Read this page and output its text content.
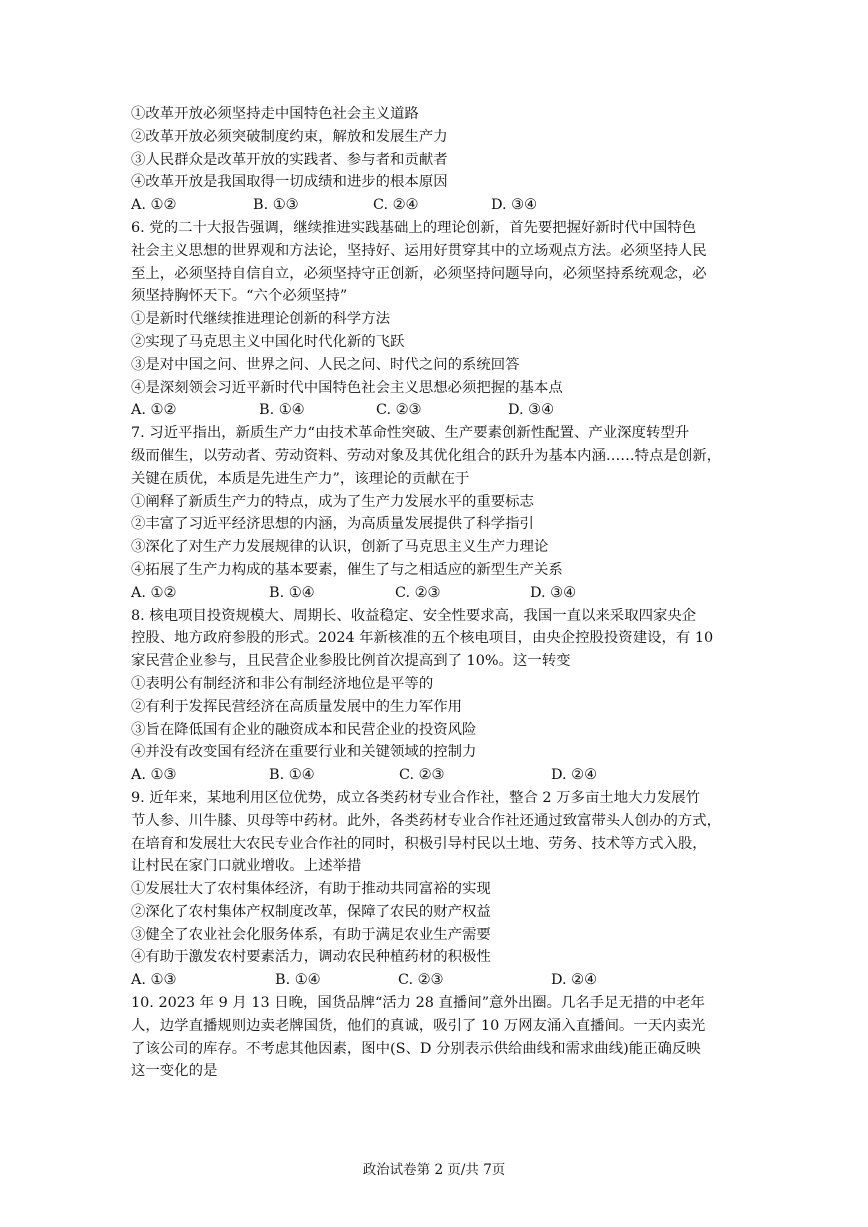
①改革开放必须坚持走中国特色社会主义道路
②改革开放必须突破制度约束，解放和发展生产力
③人民群众是改革开放的实践者、参与者和贡献者
④改革开放是我国取得一切成绩和进步的根本原因
A. ①②	B. ①③	C. ②④	D. ③④
6. 党的二十大报告强调，继续推进实践基础上的理论创新，首先要把握好新时代中国特色
社会主义思想的世界观和方法论，坚持好、运用好贯穿其中的立场观点方法。必须坚持人民
至上，必须坚持自信自立，必须坚持守正创新，必须坚持问题导向，必须坚持系统观念，必
须坚持胸怀天下。“六个必须坚持”
①是新时代继续推进理论创新的科学方法
②实现了马克思主义中国化时代化新的飞跃
③是对中国之问、世界之问、人民之问、时代之问的系统回答
④是深刻领会习近平新时代中国特色社会主义思想必须把握的基本点
A. ①②	B. ①④	C. ②③	D. ③④
7. 习近平指出，新质生产力“由技术革命性突破、生产要素创新性配置、产业深度转型升
级而催生，以劳动者、劳动资料、劳动对象及其优化组合的跃升为基本内涵……特点是创新，
关键在质优，本质是先进生产力”，该理论的贡献在于
①阐释了新质生产力的特点，成为了生产力发展水平的重要标志
②丰富了习近平经济思想的内涵，为高质量发展提供了科学指引
③深化了对生产力发展规律的认识，创新了马克思主义生产力理论
④拓展了生产力构成的基本要素，催生了与之相适应的新型生产关系
A. ①②	B. ①④	C. ②③	D. ③④
8. 核电项目投资规模大、周期长、收益稳定、安全性要求高，我国一直以来采取四家央企
控股、地方政府参股的形式。2024 年新核准的五个核电项目，由央企控股投资建设，有 10
家民营企业参与，且民营企业参股比例首次提高到了 10%。这一转变
①表明公有制经济和非公有制经济地位是平等的
②有利于发挥民营经济在高质量发展中的生力军作用
③旨在降低国有企业的融资成本和民营企业的投资风险
④并没有改变国有经济在重要行业和关键领域的控制力
A. ①③	B. ①④	C. ②③	D. ②④
9. 近年来，某地利用区位优势，成立各类药材专业合作社，整合 2 万多亩土地大力发展竹
节人参、川牛膝、贝母等中药材。此外，各类药材专业合作社还通过致富带头人创办的方式，
在培育和发展壮大农民专业合作社的同时，积极引导村民以土地、劳务、技术等方式入股，
让村民在家门口就业增收。上述举措
①发展壮大了农村集体经济，有助于推动共同富裕的实现
②深化了农村集体产权制度改革，保障了农民的财产权益
③健全了农业社会化服务体系，有助于满足农业生产需要
④有助于激发农村要素活力，调动农民种植药材的积极性
A. ①③	B. ①④	C. ②③	D. ②④
10. 2023 年 9 月 13 日晚，国货品牌“活力 28 直播间”意外出圈。几名手足无措的中老年
人，边学直播规则边卖老牌国货，他们的真诚，吸引了 10 万网友涌入直播间。一天内卖光
了该公司的库存。不考虑其他因素，图中(S、D 分别表示供给曲线和需求曲线)能正确反映
这一变化的是
政治试卷第 2 页/共 7页
